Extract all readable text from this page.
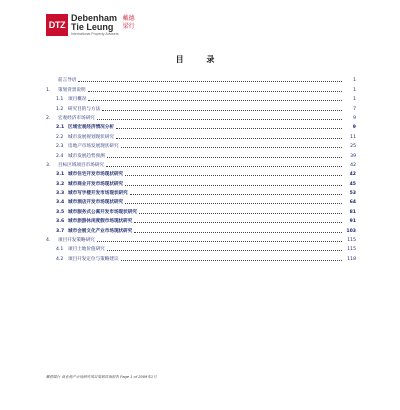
DTZ
Debenham
Tie Leung
International Property Advisers
戴德
梁行
目 录
前言导语	1
1.	策划背景说明	1
1.1	项目概况	1
1.2	研究目的与方法	7
2.	宏观经济市场研究	9
2.1 区域宏观经济情况分析	9
2.2	城市发展规划现状研究	11
2.3	房地产市场发展现状研究	25
2.4	城市发展趋势预测	39
3.	目标区域项目市场研究	42
3.1 城市住宅开发市场现状研究	42
3.2 城市商业开发市场现状研究	45
3.3 城市写字楼开发市场现状研究	53
3.4 城市酒店开发市场现状研究	64
3.5 城市服务式公寓开发市场现状研究	81
3.6 城市旅游休闲度假市场现状研究	91
3.7 城市会展文化产业市场现状研究	103
4.	项目开发策略研究	115
4.1	项目土地价值研究	115
4.2	项目开发定位与策略建议	118
戴德梁行 商业地产市场研究项目策划咨询报告 Page 1 of 2009年1月
